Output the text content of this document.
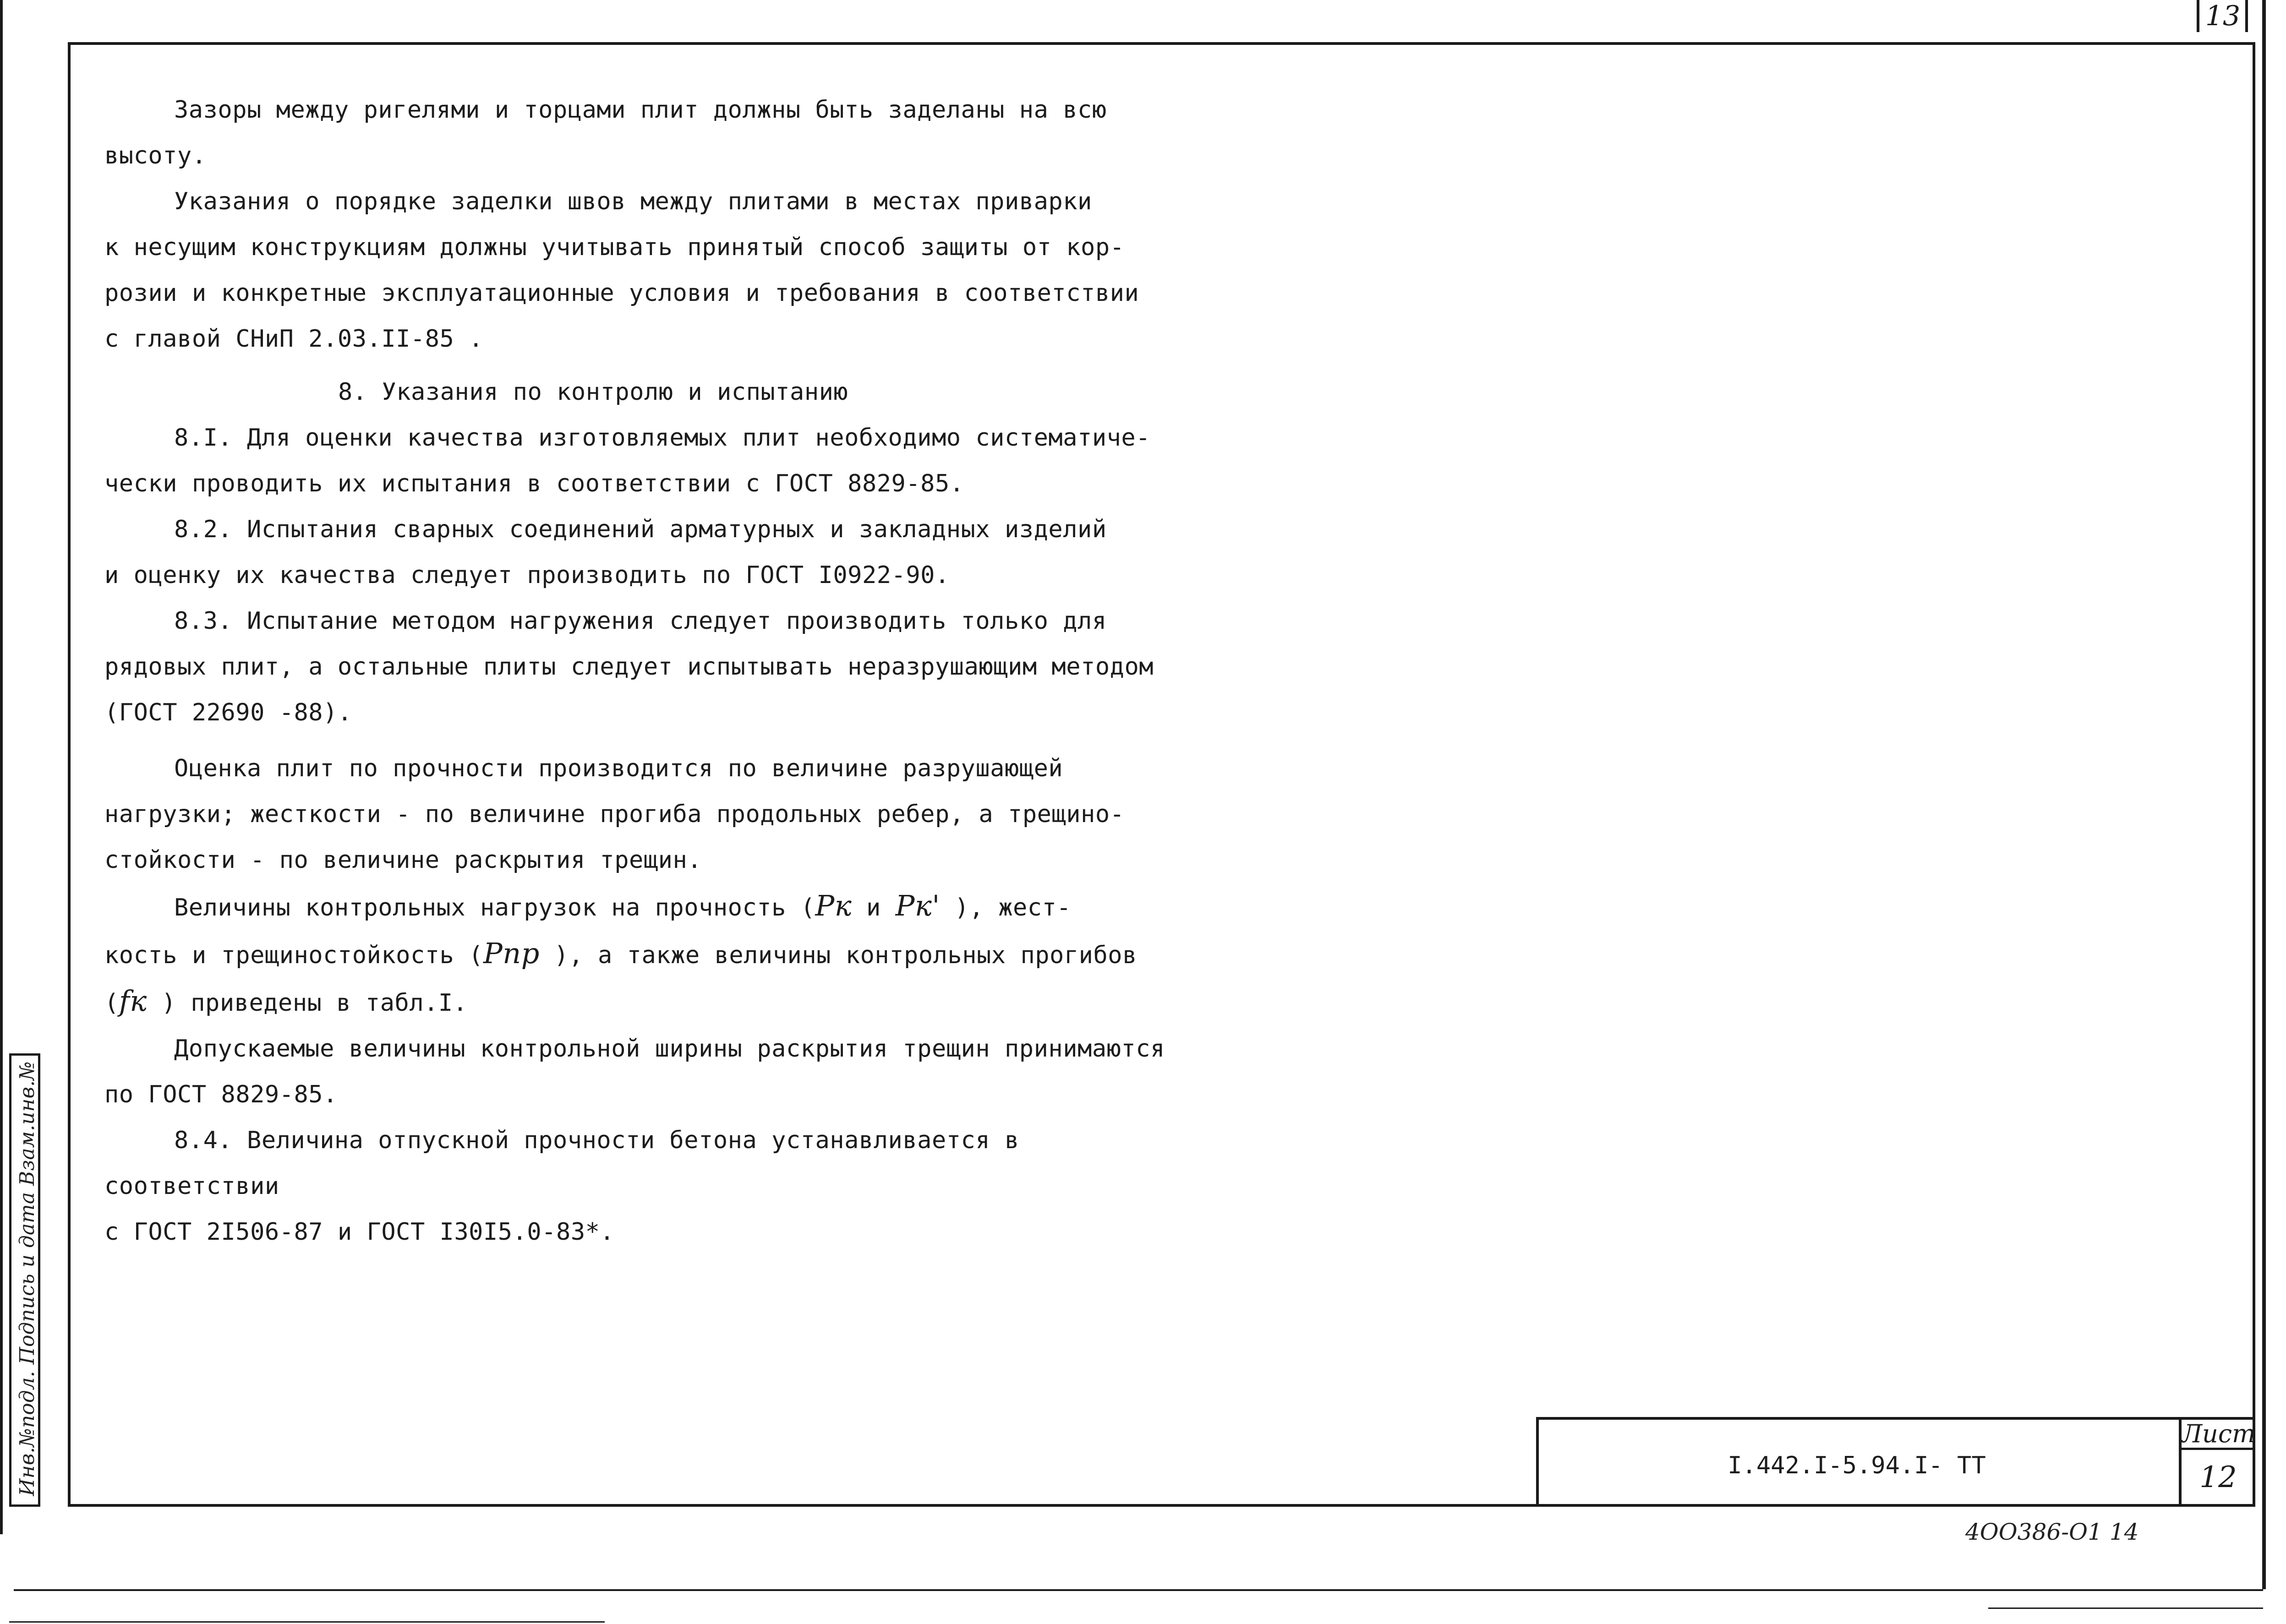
13

Зазоры между ригелями и торцами плит должны быть заделаны на всю
высоту.

Указания о порядке заделки швов между плитами в местах приварки
к несущим конструкциям должны учитывать принятый способ защиты от кор-
розии и конкретные эксплуатационные условия и требования в соответствии
с главой СНиП 2.03.II-85 .

8. Указания по контролю и испытанию

8.I. Для оценки качества изготовляемых плит необходимо систематиче-
чески проводить их испытания в соответствии с ГОСТ 8829-85.

8.2. Испытания сварных соединений арматурных и закладных изделий
и оценку их качества следует производить по ГОСТ I0922-90.

8.3. Испытание методом нагружения следует производить только для
рядовых плит, а остальные плиты следует испытывать неразрушающим методом
(ГОСТ 22690 -88).

Оценка плит по прочности производится по величине разрушающей
нагрузки; жесткости - по величине прогиба продольных ребер, а трещино-
стойкости - по величине раскрытия трещин.

Величины контрольных нагрузок на прочность (Pк и Pк' ), жест-
кость и трещиностойкость (Pпр ), а также величины контрольных прогибов
(fк ) приведены в табл.I.

Допускаемые величины контрольной ширины раскрытия трещин принимаются
по ГОСТ 8829-85.

8.4. Величина отпускной прочности бетона устанавливается в соответствии
с ГОСТ 2I506-87 и ГОСТ I30I5.0-83*.

I.442.I-5.94.I- ТТ
Лист
12
4ОО386-О1 14
Инв.№подл. Подпись и дата Взам.инв.№
